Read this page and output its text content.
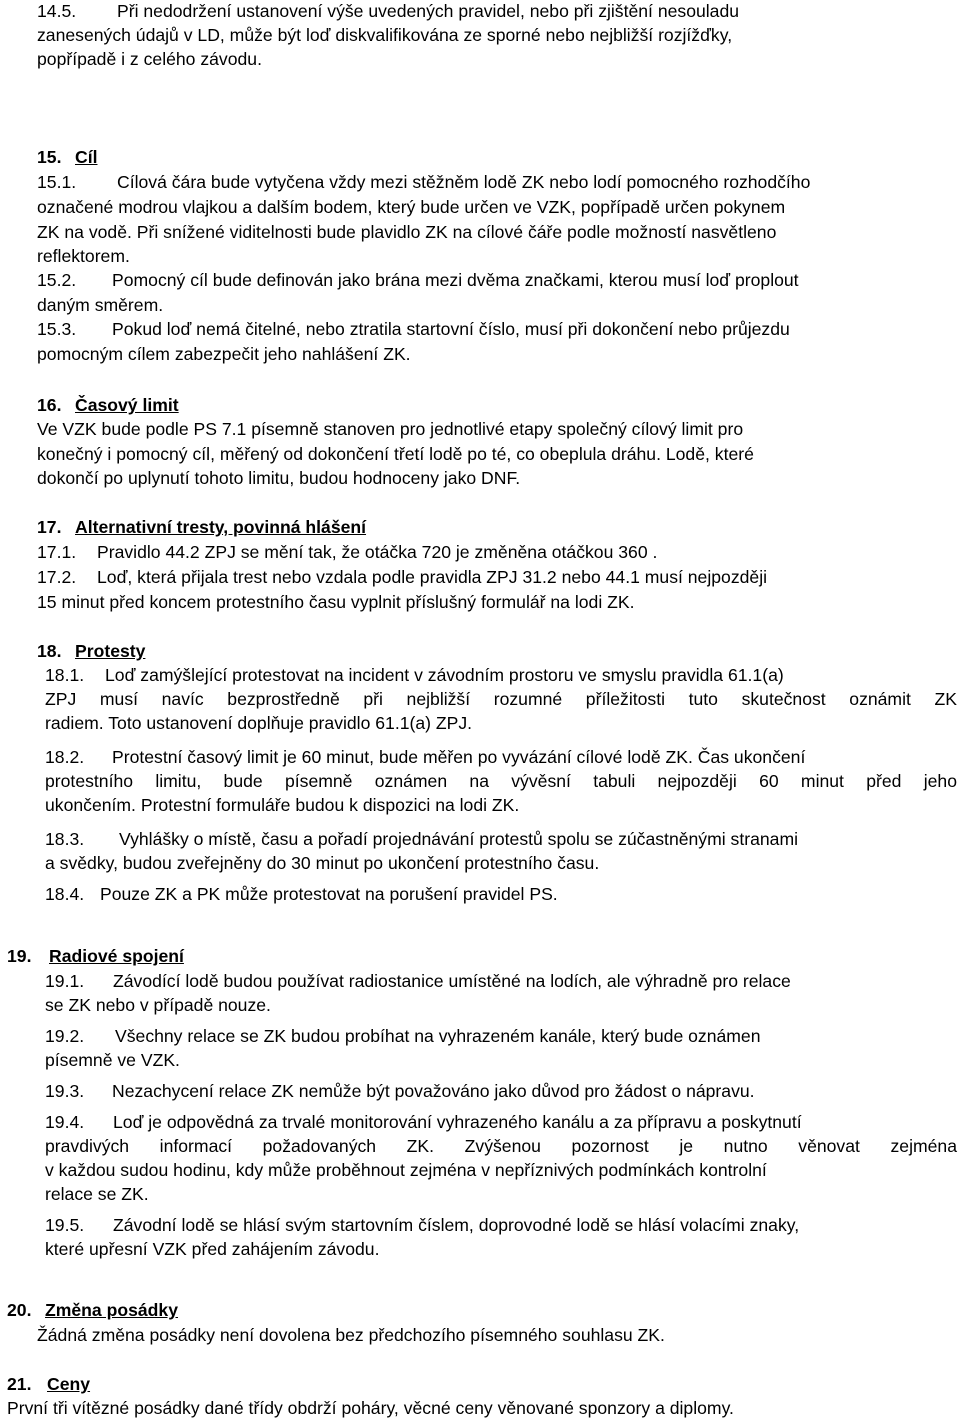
14.5. Při nedodržení ustanovení výše uvedených pravidel, nebo při zjištění nesouladu
zanesených údajů v LD, může být loď diskvalifikována ze sporné nebo nejbližší rozjížďky,
popřípadě i z celého závodu.
15. Cíl
15.1. Cílová čára bude vytyčena vždy mezi stěžněm lodě ZK nebo lodí pomocného rozhodčího
označené modrou vlajkou a dalším bodem, který bude určen ve VZK, popřípadě určen pokynem
ZK na vodě. Při snížené viditelnosti bude plavidlo ZK na cílové čáře podle možností nasvětleno
reflektorem.
15.2. Pomocný cíl bude definován jako brána mezi dvěma značkami, kterou musí loď proplout
daným směrem.
15.3. Pokud loď nemá čitelné, nebo ztratila startovní číslo, musí při dokončení nebo průjezdu
pomocným cílem zabezpečit jeho nahlášení ZK.
16. Časový limit
Ve VZK bude podle PS 7.1 písemně stanoven pro jednotlivé etapy společný cílový limit pro
konečný i pomocný cíl, měřený od dokončení třetí lodě po té, co obeplula dráhu. Lodě, které
dokončí po uplynutí tohoto limitu, budou hodnoceny jako DNF.
17. Alternativní tresty, povinná hlášení
17.1. Pravidlo 44.2 ZPJ se mění tak, že otáčka 720 je změněna otáčkou 360 .
17.2. Loď, která přijala trest nebo vzdala podle pravidla ZPJ 31.2 nebo 44.1 musí nejpozději
15 minut před koncem protestního času vyplnit příslušný formulář na lodi ZK.
18. Protesty
18.1. Loď zamýšlející protestovat na incident v závodním prostoru ve smyslu pravidla 61.1(a)
ZPJ musí navíc bezprostředně při nejbližší rozumné příležitosti tuto skutečnost oznámit ZK
radiem. Toto ustanovení doplňuje pravidlo 61.1(a) ZPJ.
18.2. Protestní časový limit je 60 minut, bude měřen po vyvázání cílové lodě ZK. Čas ukončení
protestního limitu, bude písemně oznámen na vývěsní tabuli nejpozději 60 minut před jeho
ukončením. Protestní formuláře budou k dispozici na lodi ZK.
18.3. Vyhlášky o místě, času a pořadí projednávání protestů spolu se zúčastněnými stranami
a svědky, budou zveřejněny do 30 minut po ukončení protestního času.
18.4. Pouze ZK a PK může protestovat na porušení pravidel PS.
19. Radiové spojení
19.1. Závodící lodě budou používat radiostanice umístěné na lodích, ale výhradně pro relace
se ZK nebo v případě nouze.
19.2. Všechny relace se ZK budou probíhat na vyhrazeném kanále, který bude oznámen
písemně ve VZK.
19.3. Nezachycení relace ZK nemůže být považováno jako důvod pro žádost o nápravu.
19.4. Loď je odpovědná za trvalé monitorování vyhrazeného kanálu a za přípravu a poskytnutí
pravdivých informací požadovaných ZK. Zvýšenou pozornost je nutno věnovat zejména
v každou sudou hodinu, kdy může proběhnout zejména v nepříznivých podmínkách kontrolní
relace se ZK.
19.5. Závodní lodě se hlásí svým startovním číslem, doprovodné lodě se hlásí volacími znaky,
které upřesní VZK před zahájením závodu.
20. Změna posádky
Žádná změna posádky není dovolena bez předchozího písemného souhlasu ZK.
21. Ceny
První tři vítězné posádky dané třídy obdrží poháry, věcné ceny věnované sponzory a diplomy.
